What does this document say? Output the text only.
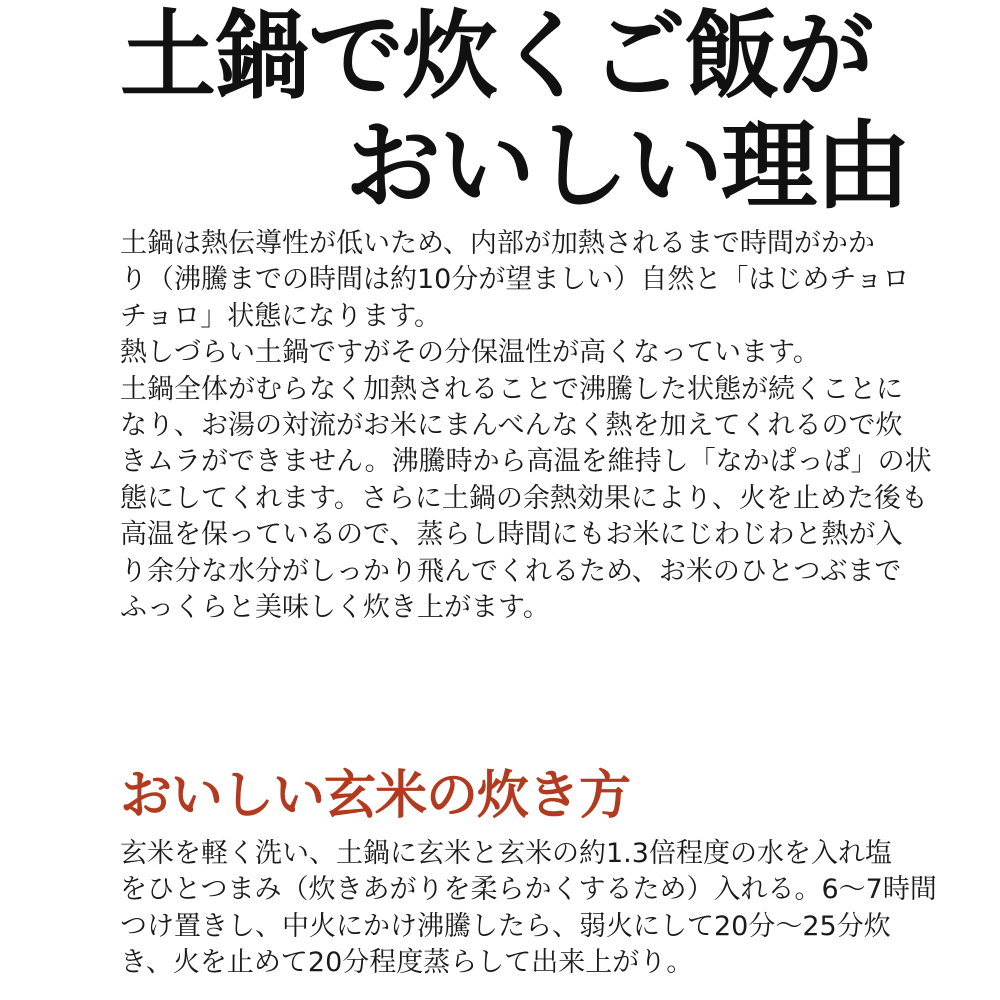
土鍋で炊くご飯が
おいしい理由

土鍋は熱伝導性が低いため、内部が加熱されるまで時間がかか

り（沸騰までの時間は約10分が望ましい）自然と「はじめチョロ

チョロ」状態になります。

熱しづらい土鍋ですがその分保温性が高くなっています。

土鍋全体がむらなく加熱されることで沸騰した状態が続くことに

なり、お湯の対流がお米にまんべんなく熱を加えてくれるので炊

きムラができません。沸騰時から高温を維持し「なかぱっぱ」の状

態にしてくれます。さらに土鍋の余熱効果により、火を止めた後も

高温を保っているので、蒸らし時間にもお米にじわじわと熱が入

り余分な水分がしっかり飛んでくれるため、お米のひとつぶまで

ふっくらと美味しく炊き上がます。

おいしい玄米の炊き方

玄米を軽く洗い、土鍋に玄米と玄米の約1.3倍程度の水を入れ塩

をひとつまみ（炊きあがりを柔らかくするため）入れる。6～7時間

つけ置きし、中火にかけ沸騰したら、弱火にして20分～25分炊

き、火を止めて20分程度蒸らして出来上がり。
